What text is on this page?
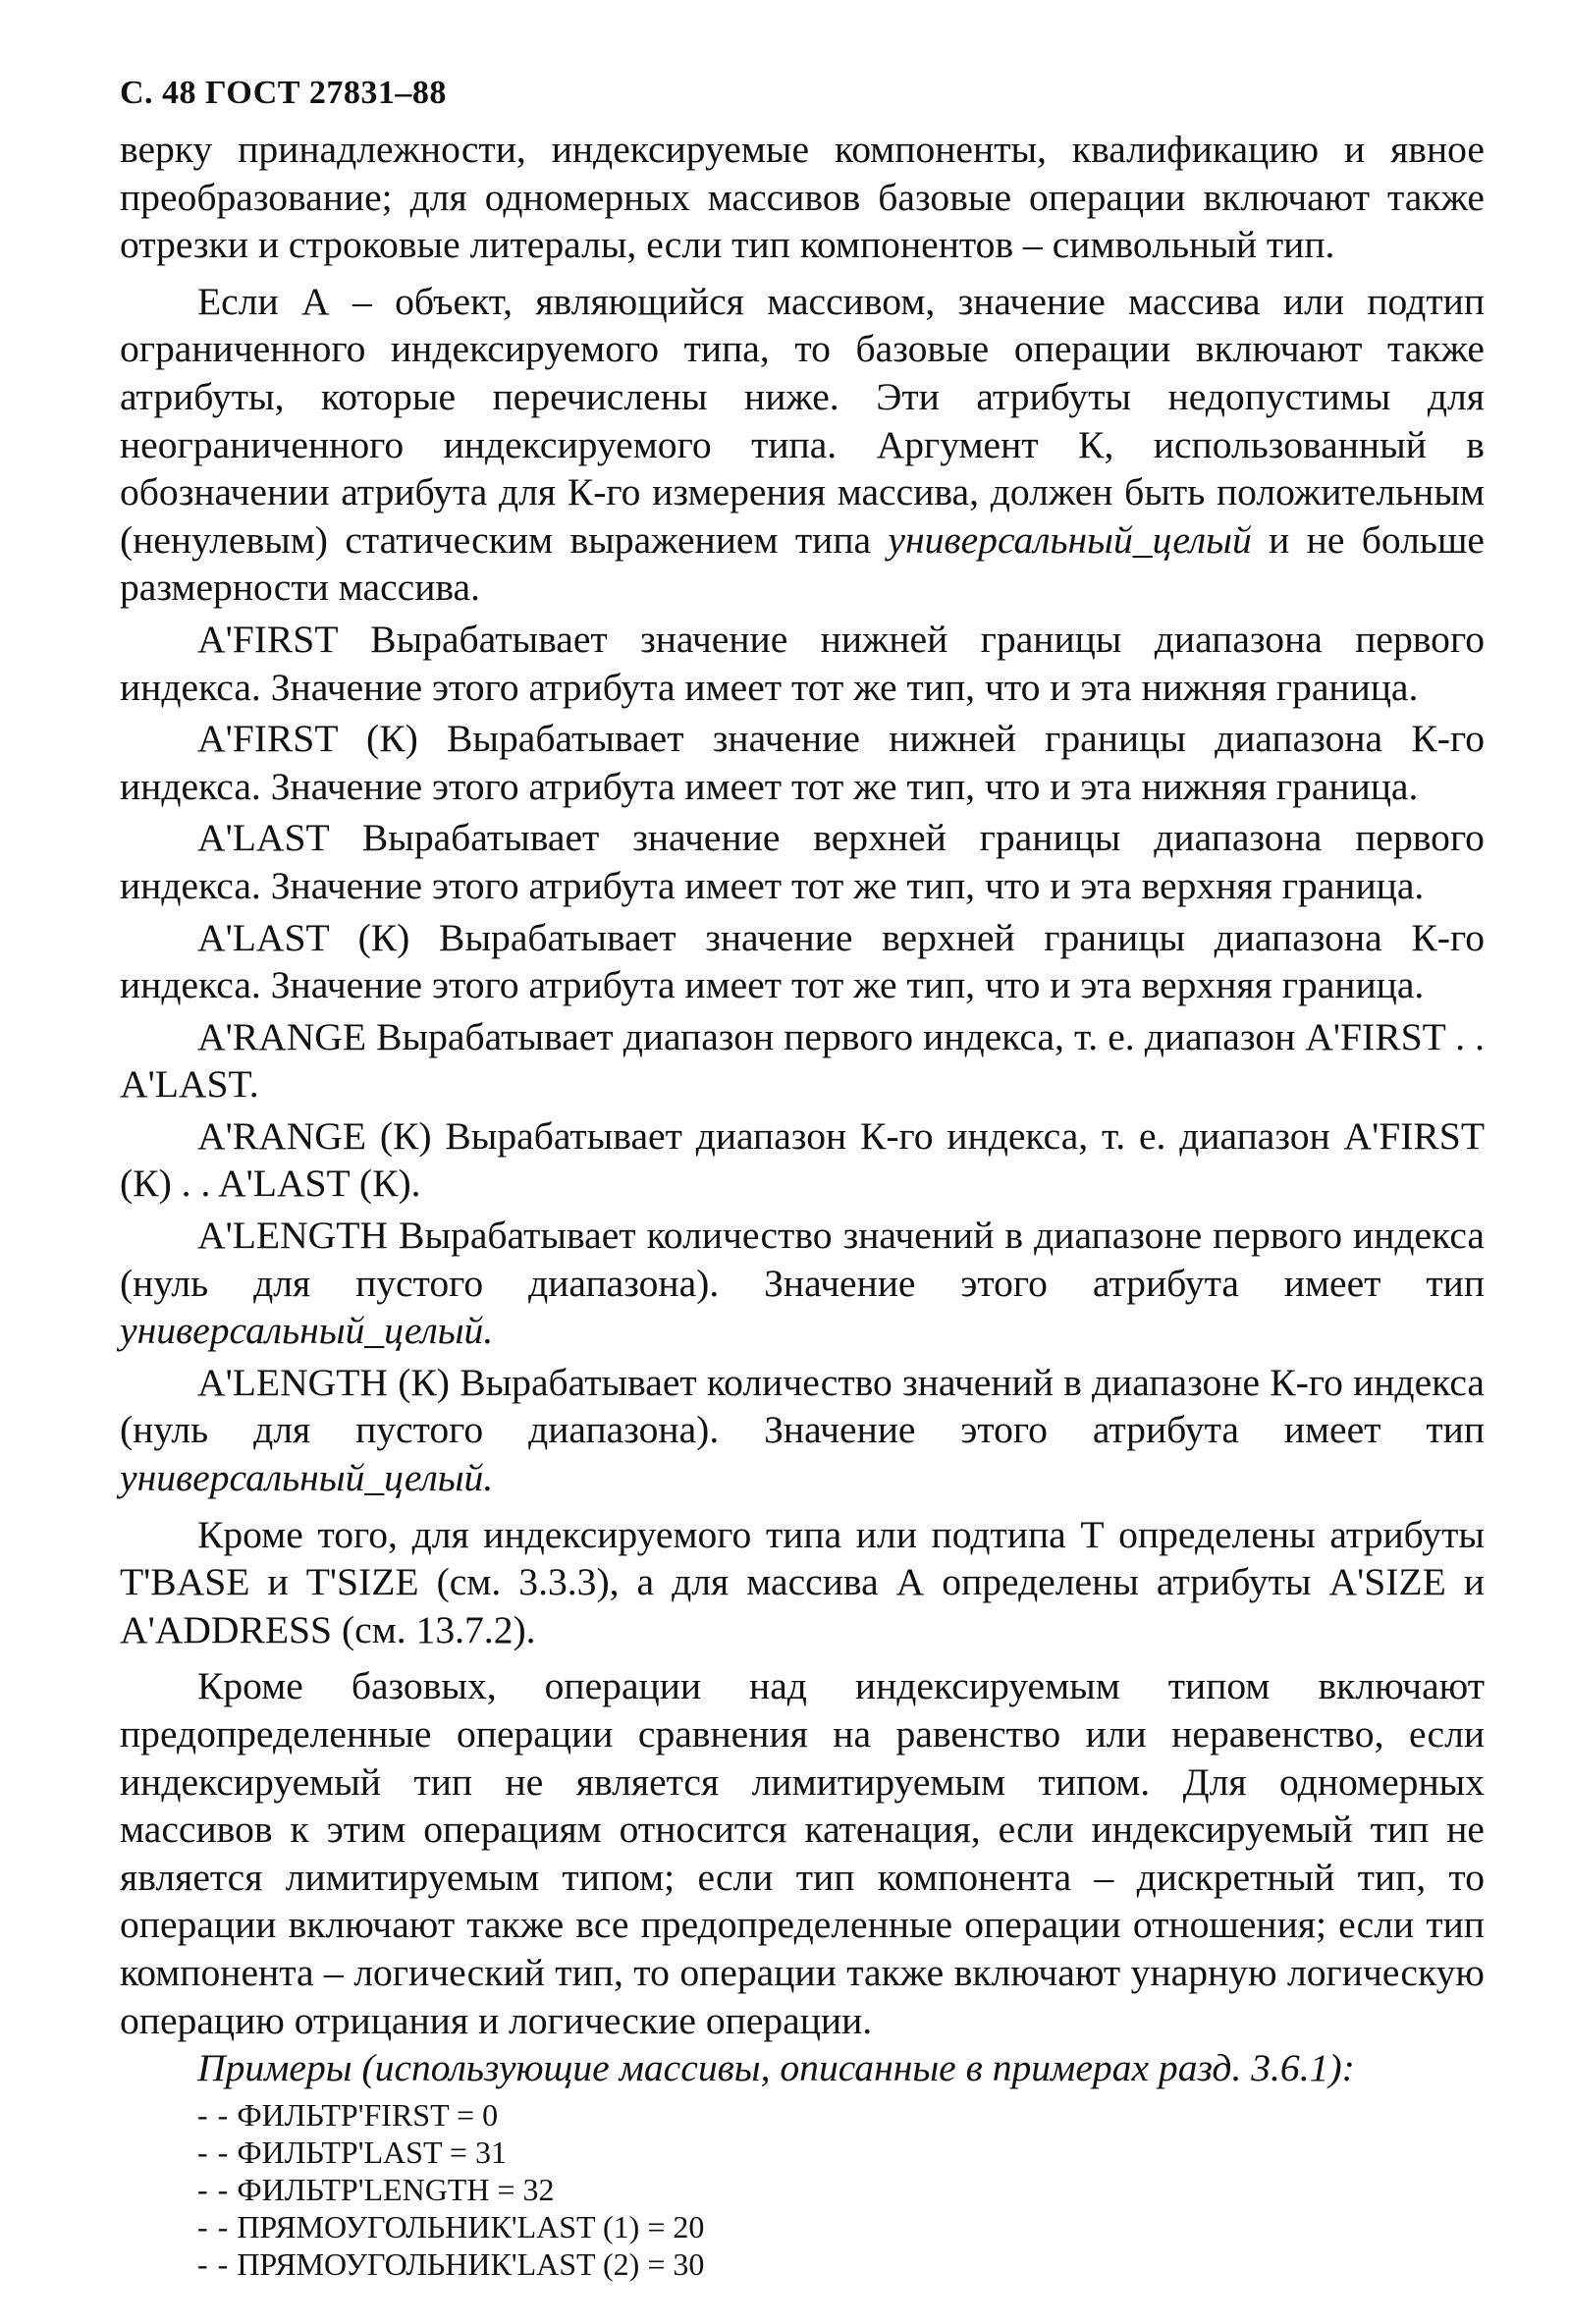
С. 48 ГОСТ 27831–88

верку принадлежности, индексируемые компоненты, квалификацию и явное преобразование; для одномерных массивов базовые операции включают также отрезки и строковые литералы, если тип компонентов – символьный тип.

Если А – объект, являющийся массивом, значение массива или подтип ограниченного индексируемого типа, то базовые операции включают также атрибуты, которые перечислены ниже. Эти атрибуты недопустимы для неограниченного индексируемого типа. Аргумент К, использованный в обозначении атрибута для К-го измерения массива, должен быть положительным (ненулевым) статическим выражением типа универсальный_целый и не больше размерности массива.

A'FIRST Вырабатывает значение нижней границы диапазона первого индекса. Значение этого атрибута имеет тот же тип, что и эта нижняя граница.

A'FIRST (К) Вырабатывает значение нижней границы диапазона К-го индекса. Значение этого атрибута имеет тот же тип, что и эта нижняя граница.

A'LAST Вырабатывает значение верхней границы диапазона первого индекса. Значение этого атрибута имеет тот же тип, что и эта верхняя граница.

A'LAST (К) Вырабатывает значение верхней границы диапазона К-го индекса. Значение этого атрибута имеет тот же тип, что и эта верхняя граница.

A'RANGE Вырабатывает диапазон первого индекса, т. е. диапазон A'FIRST . . A'LAST.

A'RANGE (К) Вырабатывает диапазон К-го индекса, т. е. диапазон A'FIRST (К) . . A'LAST (К).

A'LENGTH Вырабатывает количество значений в диапазоне первого индекса (нуль для пустого диапазона). Значение этого атрибута имеет тип универсальный_целый.

A'LENGTH (К) Вырабатывает количество значений в диапазоне К-го индекса (нуль для пустого диапазона). Значение этого атрибута имеет тип универсальный_целый.

Кроме того, для индексируемого типа или подтипа Т определены атрибуты T'BASE и T'SIZE (см. 3.3.3), а для массива А определены атрибуты A'SIZE и A'ADDRESS (см. 13.7.2).

Кроме базовых, операции над индексируемым типом включают предопределенные операции сравнения на равенство или неравенство, если индексируемый тип не является лимитируемым типом. Для одномерных массивов к этим операциям относится катенация, если индексируемый тип не является лимитируемым типом; если тип компонента – дискретный тип, то операции включают также все предопределенные операции отношения; если тип компонента – логический тип, то операции также включают унарную логическую операцию отрицания и логические операции.

Примеры (использующие массивы, описанные в примерах разд. 3.6.1):

- - ФИЛЬТР'FIRST = 0
- - ФИЛЬТР'LAST = 31
- - ФИЛЬТР'LENGTH = 32
- - ПРЯМОУГОЛЬНИК'LAST (1) = 20
- - ПРЯМОУГОЛЬНИК'LAST (2) = 30
